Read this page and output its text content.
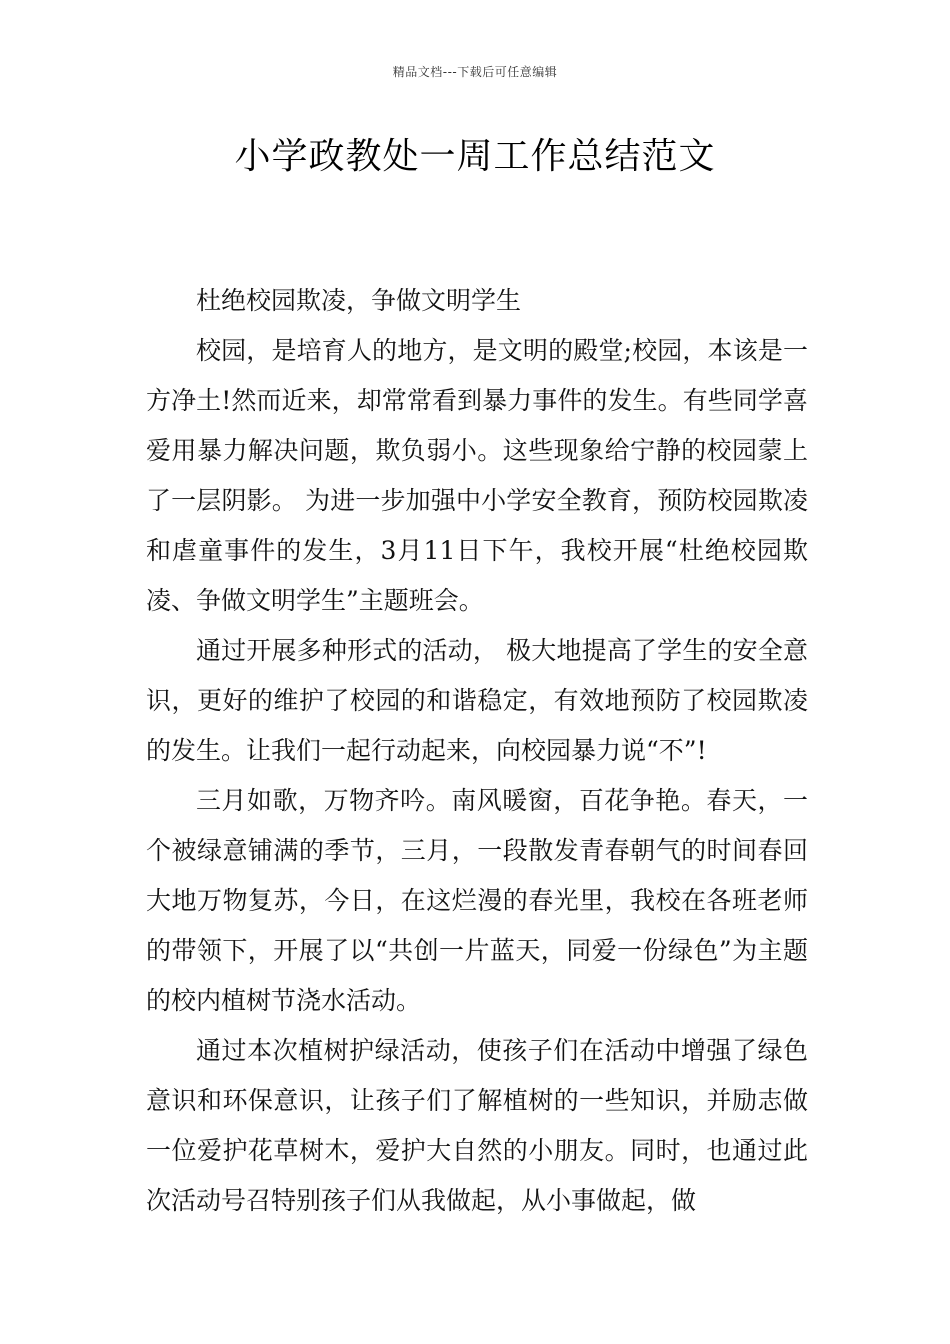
精品文档---下载后可任意编辑
小学政教处一周工作总结范文

杜绝校园欺凌，争做文明学生

校园，是培育人的地方，是文明的殿堂;校园，本该是一方净土!然而近来，却常常看到暴力事件的发生。有些同学喜爱用暴力解决问题，欺负弱小。这些现象给宁静的校园蒙上了一层阴影。 为进一步加强中小学安全教育，预防校园欺凌和虐童事件的发生，3月11日下午，我校开展“杜绝校园欺凌、争做文明学生”主题班会。

通过开展多种形式的活动， 极大地提高了学生的安全意识，更好的维护了校园的和谐稳定，有效地预防了校园欺凌的发生。让我们一起行动起来，向校园暴力说“不”!

三月如歌，万物齐吟。南风暖窗，百花争艳。春天，一个被绿意铺满的季节，三月，一段散发青春朝气的时间春回大地万物复苏，今日，在这烂漫的春光里，我校在各班老师的带领下，开展了以“共创一片蓝天，同爱一份绿色”为主题的校内植树节浇水活动。

通过本次植树护绿活动，使孩子们在活动中增强了绿色意识和环保意识，让孩子们了解植树的一些知识，并励志做一位爱护花草树木，爱护大自然的小朋友。同时，也通过此次活动号召特别孩子们从我做起，从小事做起，做
